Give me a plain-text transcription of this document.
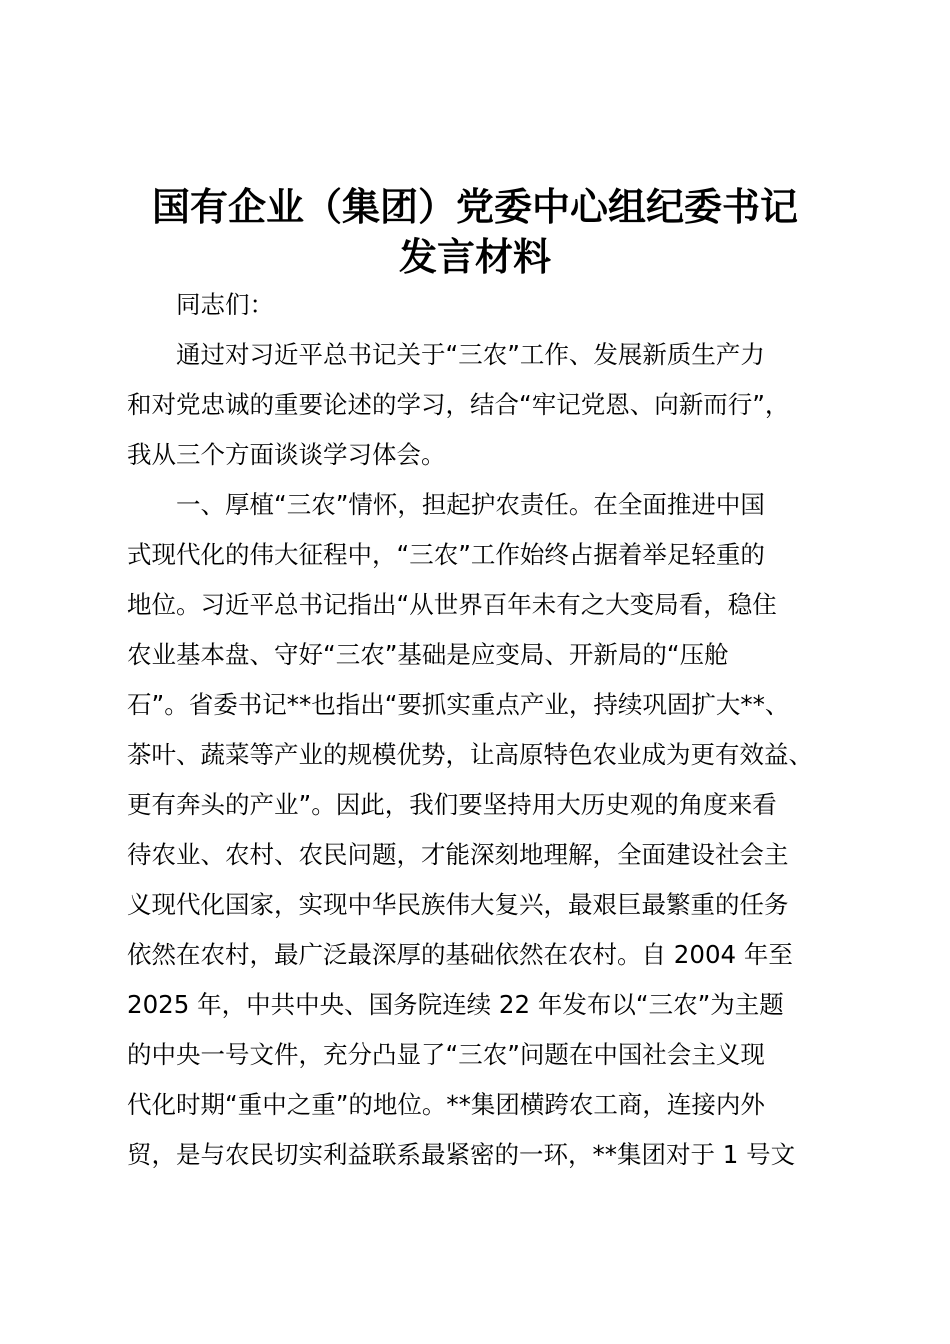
国有企业（集团）党委中心组纪委书记
发言材料

同志们：

通过对习近平总书记关于“三农”工作、发展新质生产力

和对党忠诚的重要论述的学习，结合“牢记党恩、向新而行”，

我从三个方面谈谈学习体会。

一、厚植“三农”情怀，担起护农责任。在全面推进中国

式现代化的伟大征程中，“三农”工作始终占据着举足轻重的

地位。习近平总书记指出“从世界百年未有之大变局看，稳住

农业基本盘、守好“三农”基础是应变局、开新局的“压舱

石”。省委书记**也指出“要抓实重点产业，持续巩固扩大**、

茶叶、蔬菜等产业的规模优势，让高原特色农业成为更有效益、

更有奔头的产业”。因此，我们要坚持用大历史观的角度来看

待农业、农村、农民问题，才能深刻地理解，全面建设社会主

义现代化国家，实现中华民族伟大复兴，最艰巨最繁重的任务

依然在农村，最广泛最深厚的基础依然在农村。自 2004 年至

2025 年，中共中央、国务院连续 22 年发布以“三农”为主题

的中央一号文件，充分凸显了“三农”问题在中国社会主义现

代化时期“重中之重”的地位。**集团横跨农工商，连接内外

贸，是与农民切实利益联系最紧密的一环，**集团对于 1 号文
